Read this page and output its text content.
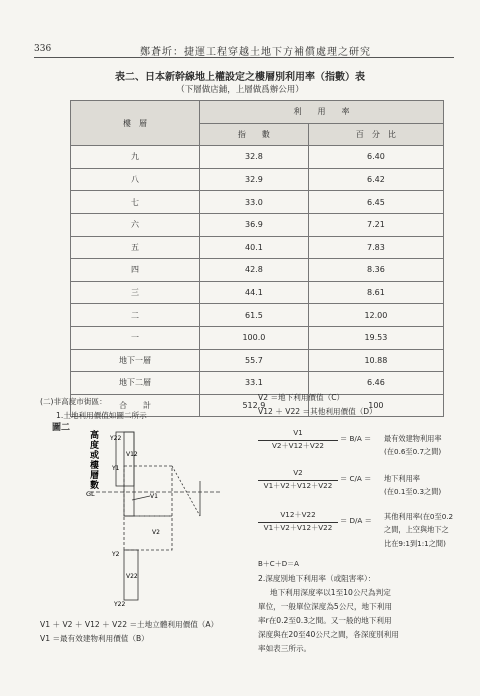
336	鄭蒼圻：捷運工程穿越土地下方補償處理之研究
表二、日本新幹線地上權設定之樓層別利用率（指數）表
（下層做店鋪，上層做爲辦公用）
樓　層	利　　用　　率	
	指　　數	百　分　比
九	32.8	6.40
八	32.9	6.42
七	33.0	6.45
六	36.9	7.21
五	40.1	7.83
四	42.8	8.36
三	44.1	8.61
二	61.5	12.00
一	100.0	19.53
地下一層	55.7	10.88
地下二層	33.1	6.46
合　　計	512.9	100
(二)非高度市街區：
1.土地利用價值如圖二所示
圖二
Y22
V12
Y1
V1
V2
Y2
V22
Y22
GL
高
度
或
樓
層
數
V1 ＋ V2 ＋ V12 ＋ V22 ＝土地立體利用價值（A）
V1 ＝最有效建物利用價值（B）
V2 ＝地下利用價值（C）
V12 ＋ V22 ＝其他利用價值（D）
V1
V2＋V12＋V22
＝ B/A ＝ 最有效建物利用率
(在0.6至0.7之間)
V2
V1＋V2＋V12＋V22
＝ C/A ＝ 地下利用率
(在0.1至0.3之間)
V12＋V22
V1＋V2＋V12＋V22
＝ D/A ＝ 其他利用率(在0至0.2
之間，上空與地下之
比在9:1到1:1之間)
B＋C＋D＝A
2.深度別地下利用率（或阻害率）：
地下利用深度率以1至10公尺為判定
單位，一般單位深度為5公尺，地下利用
率r在0.2至0.3之間。又一般的地下利用
深度與在20至40公尺之間，各深度別利用
率如表三所示。
